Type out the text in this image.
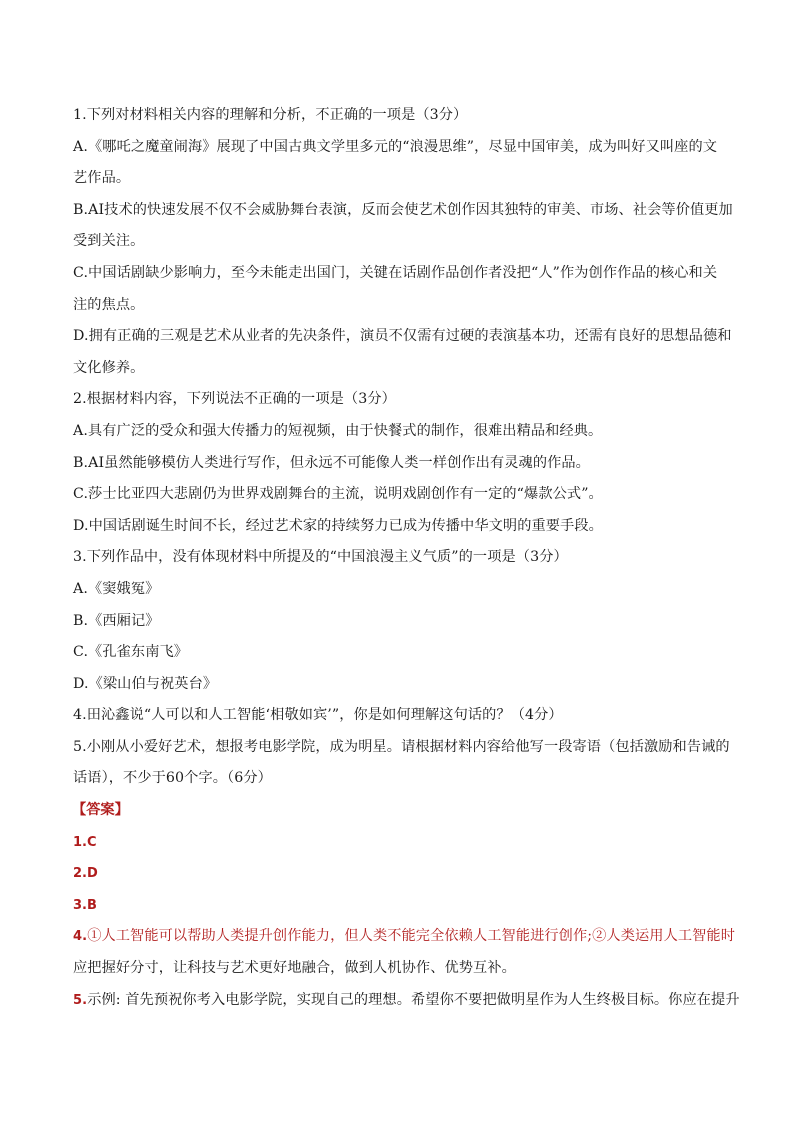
1.下列对材料相关内容的理解和分析，不正确的一项是（3分）
A.《哪吒之魔童闹海》展现了中国古典文学里多元的“浪漫思维”，尽显中国审美，成为叫好又叫座的文
艺作品。
B.AI技术的快速发展不仅不会威胁舞台表演，反而会使艺术创作因其独特的审美、市场、社会等价值更加
受到关注。
C.中国话剧缺少影响力，至今未能走出国门，关键在话剧作品创作者没把“人”作为创作作品的核心和关
注的焦点。
D.拥有正确的三观是艺术从业者的先决条件，演员不仅需有过硬的表演基本功，还需有良好的思想品德和
文化修养。
2.根据材料内容，下列说法不正确的一项是（3分）
A.具有广泛的受众和强大传播力的短视频，由于快餐式的制作，很难出精品和经典。
B.AI虽然能够模仿人类进行写作，但永远不可能像人类一样创作出有灵魂的作品。
C.莎士比亚四大悲剧仍为世界戏剧舞台的主流，说明戏剧创作有一定的“爆款公式”。
D.中国话剧诞生时间不长，经过艺术家的持续努力已成为传播中华文明的重要手段。
3.下列作品中，没有体现材料中所提及的“中国浪漫主义气质”的一项是（3分）
A.《窦娥冤》
B.《西厢记》
C.《孔雀东南飞》
D.《梁山伯与祝英台》
4.田沁鑫说“人可以和人工智能‘相敬如宾’”，你是如何理解这句话的？（4分）
5.小刚从小爱好艺术，想报考电影学院，成为明星。请根据材料内容给他写一段寄语（包括激励和告诫的
话语），不少于60个字。（6分）
【答案】
1.C
2.D
3.B
4.①人工智能可以帮助人类提升创作能力，但人类不能完全依赖人工智能进行创作;②人类运用人工智能时
应把握好分寸，让科技与艺术更好地融合，做到人机协作、优势互补。
5.示例: 首先预祝你考入电影学院，实现自己的理想。希望你不要把做明星作为人生终极目标。你应在提升
